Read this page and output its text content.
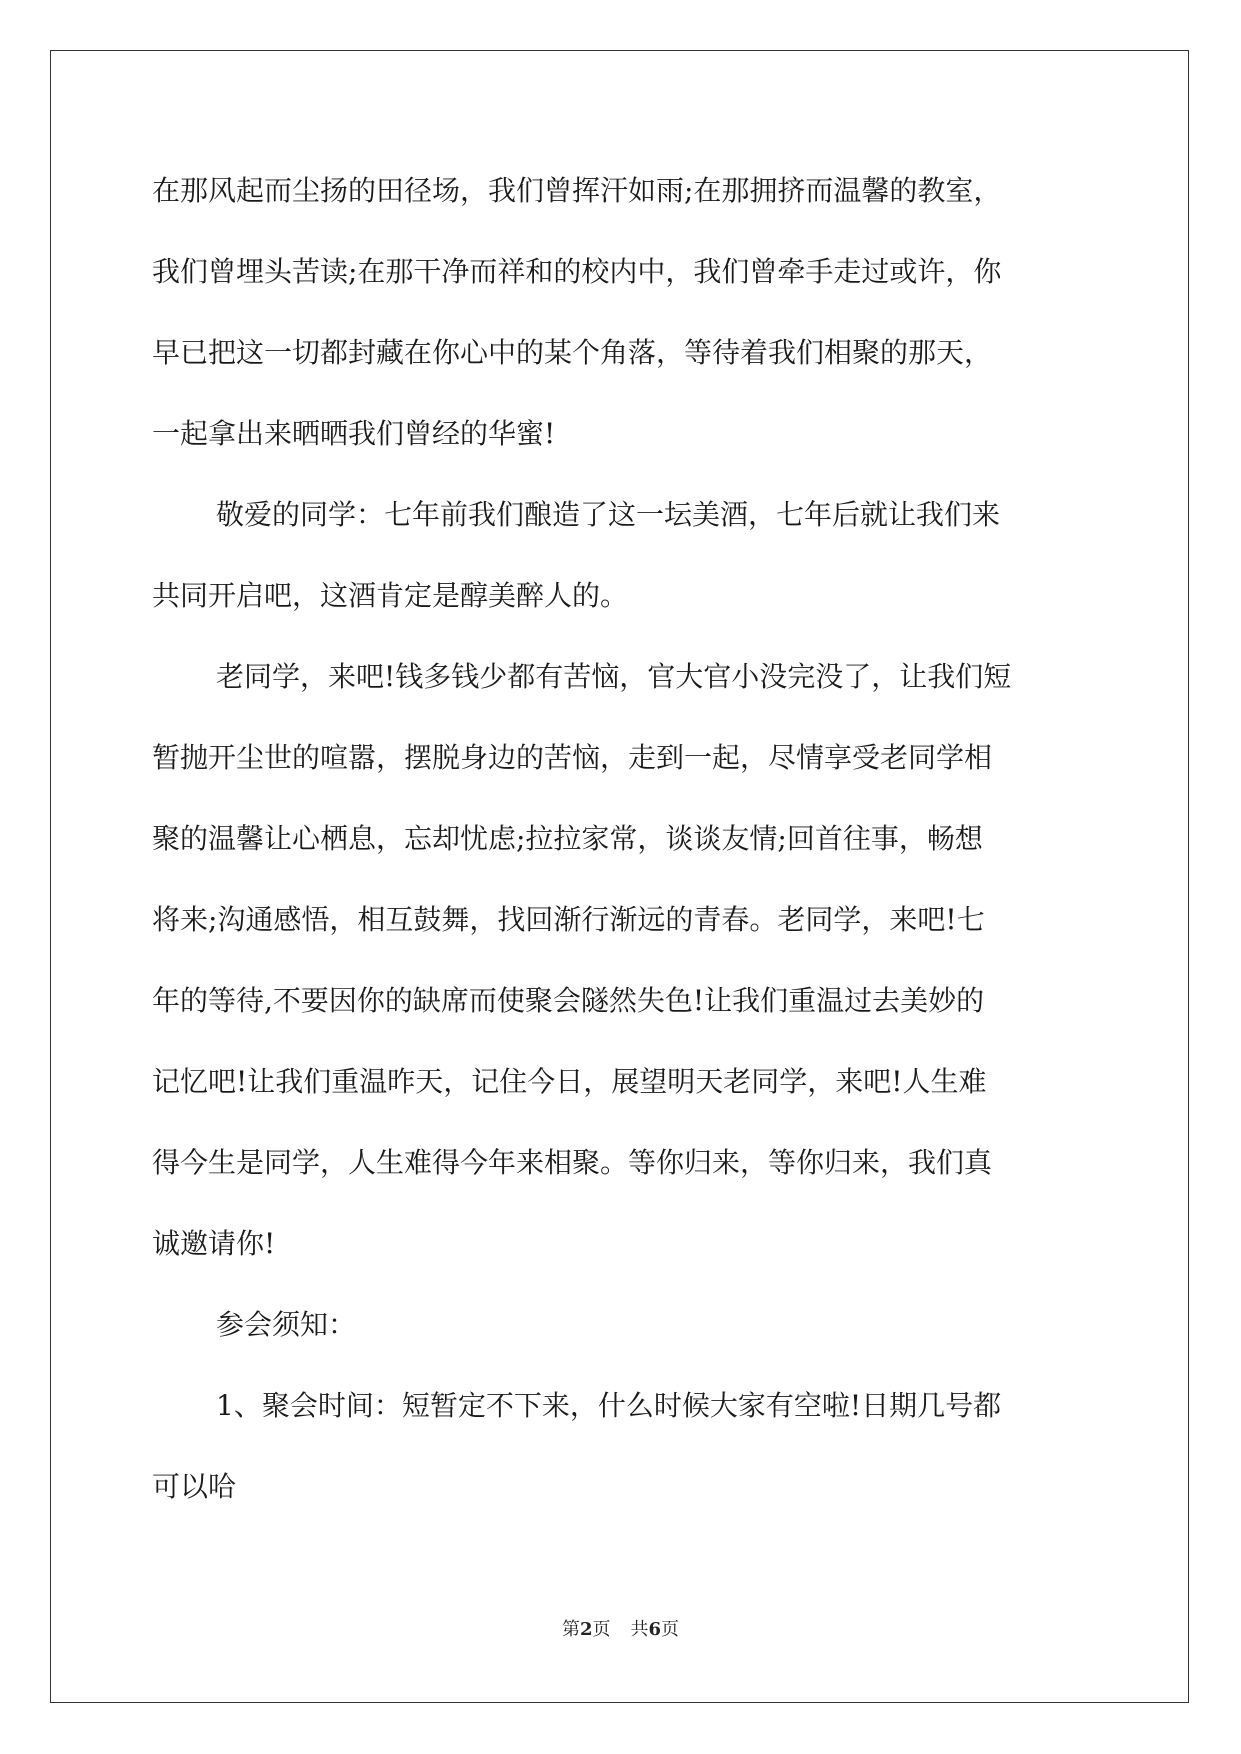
在那风起而尘扬的田径场，我们曾挥汗如雨;在那拥挤而温馨的教室，
我们曾埋头苦读;在那干净而祥和的校内中，我们曾牵手走过或许，你
早已把这一切都封藏在你心中的某个角落，等待着我们相聚的那天，
一起拿出来晒晒我们曾经的华蜜!
敬爱的同学：七年前我们酿造了这一坛美酒，七年后就让我们来
共同开启吧，这酒肯定是醇美醉人的。
老同学，来吧!钱多钱少都有苦恼，官大官小没完没了，让我们短
暂抛开尘世的喧嚣，摆脱身边的苦恼，走到一起，尽情享受老同学相
聚的温馨让心栖息，忘却忧虑;拉拉家常，谈谈友情;回首往事，畅想
将来;沟通感悟，相互鼓舞，找回渐行渐远的青春。老同学，来吧!七
年的等待,不要因你的缺席而使聚会隧然失色!让我们重温过去美妙的
记忆吧!让我们重温昨天，记住今日，展望明天老同学，来吧!人生难
得今生是同学，人生难得今年来相聚。等你归来，等你归来，我们真
诚邀请你!
参会须知：
1、聚会时间：短暂定不下来，什么时候大家有空啦!日期几号都
可以哈
第2页 共6页
